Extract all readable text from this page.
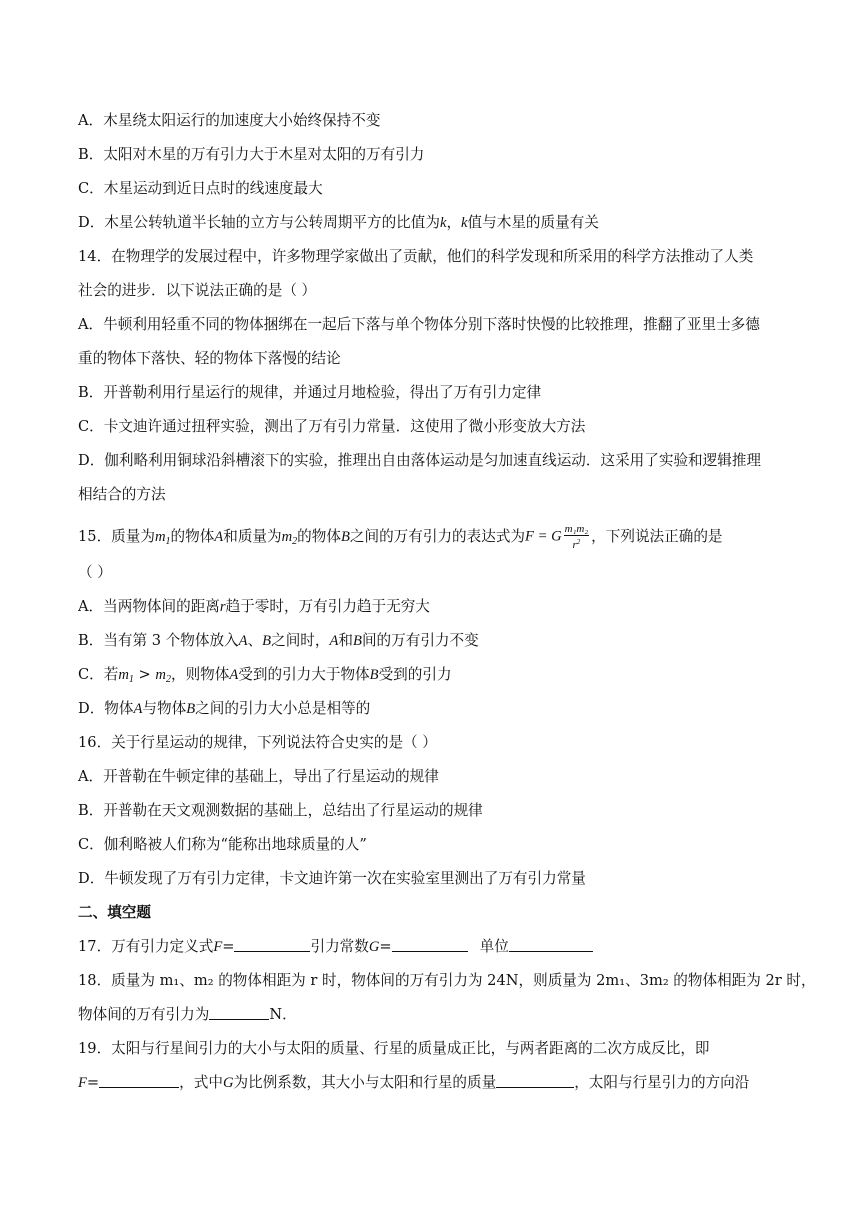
A．木星绕太阳运行的加速度大小始终保持不变
B．太阳对木星的万有引力大于木星对太阳的万有引力
C．木星运动到近日点时的线速度最大
D．木星公转轨道半长轴的立方与公转周期平方的比值为k，k值与木星的质量有关
14．在物理学的发展过程中，许多物理学家做出了贡献，他们的科学发现和所采用的科学方法推动了人类
社会的进步．以下说法正确的是（ ）
A．牛顿利用轻重不同的物体捆绑在一起后下落与单个物体分别下落时快慢的比较推理，推翻了亚里士多德
重的物体下落快、轻的物体下落慢的结论
B．开普勒利用行星运行的规律，并通过月地检验，得出了万有引力定律
C．卡文迪许通过扭秤实验，测出了万有引力常量．这使用了微小形变放大方法
D．伽利略利用铜球沿斜槽滚下的实验，推理出自由落体运动是匀加速直线运动．这采用了实验和逻辑推理
相结合的方法
15．质量为$m_1$的物体A和质量为$m_2$的物体B之间的万有引力的表达式为F = G $\frac{\text{m₁m₂}}{r^2}$ ，下列说法正确的是
（ ）
A．当两物体间的距离r趋于零时，万有引力趋于无穷大
B．当有第 3 个物体放入A、B之间时，A和B间的万有引力不变
C．若$m_1 > m_2$，则物体A受到的引力大于物体B受到的引力
D．物体A与物体B之间的引力大小总是相等的
16．关于行星运动的规律，下列说法符合史实的是（ ）
A．开普勒在牛顿定律的基础上，导出了行星运动的规律
B．开普勒在天文观测数据的基础上，总结出了行星运动的规律
C．伽利略被人们称为“能称出地球质量的人”
D．牛顿发现了万有引力定律，卡文迪许第一次在实验室里测出了万有引力常量
二、填空题
17．万有引力定义式F=	引力常数G=	单位
18．质量为 m₁、m₂ 的物体相距为 r 时，物体间的万有引力为 24N，则质量为 2m₁、3m₂ 的物体相距为 2r 时，
物体间的万有引力为	N．
19．太阳与行星间引力的大小与太阳的质量、行星的质量成正比，与两者距离的二次方成反比，即
F=	，式中G为比例系数，其大小与太阳和行星的质量	，太阳与行星引力的方向沿
